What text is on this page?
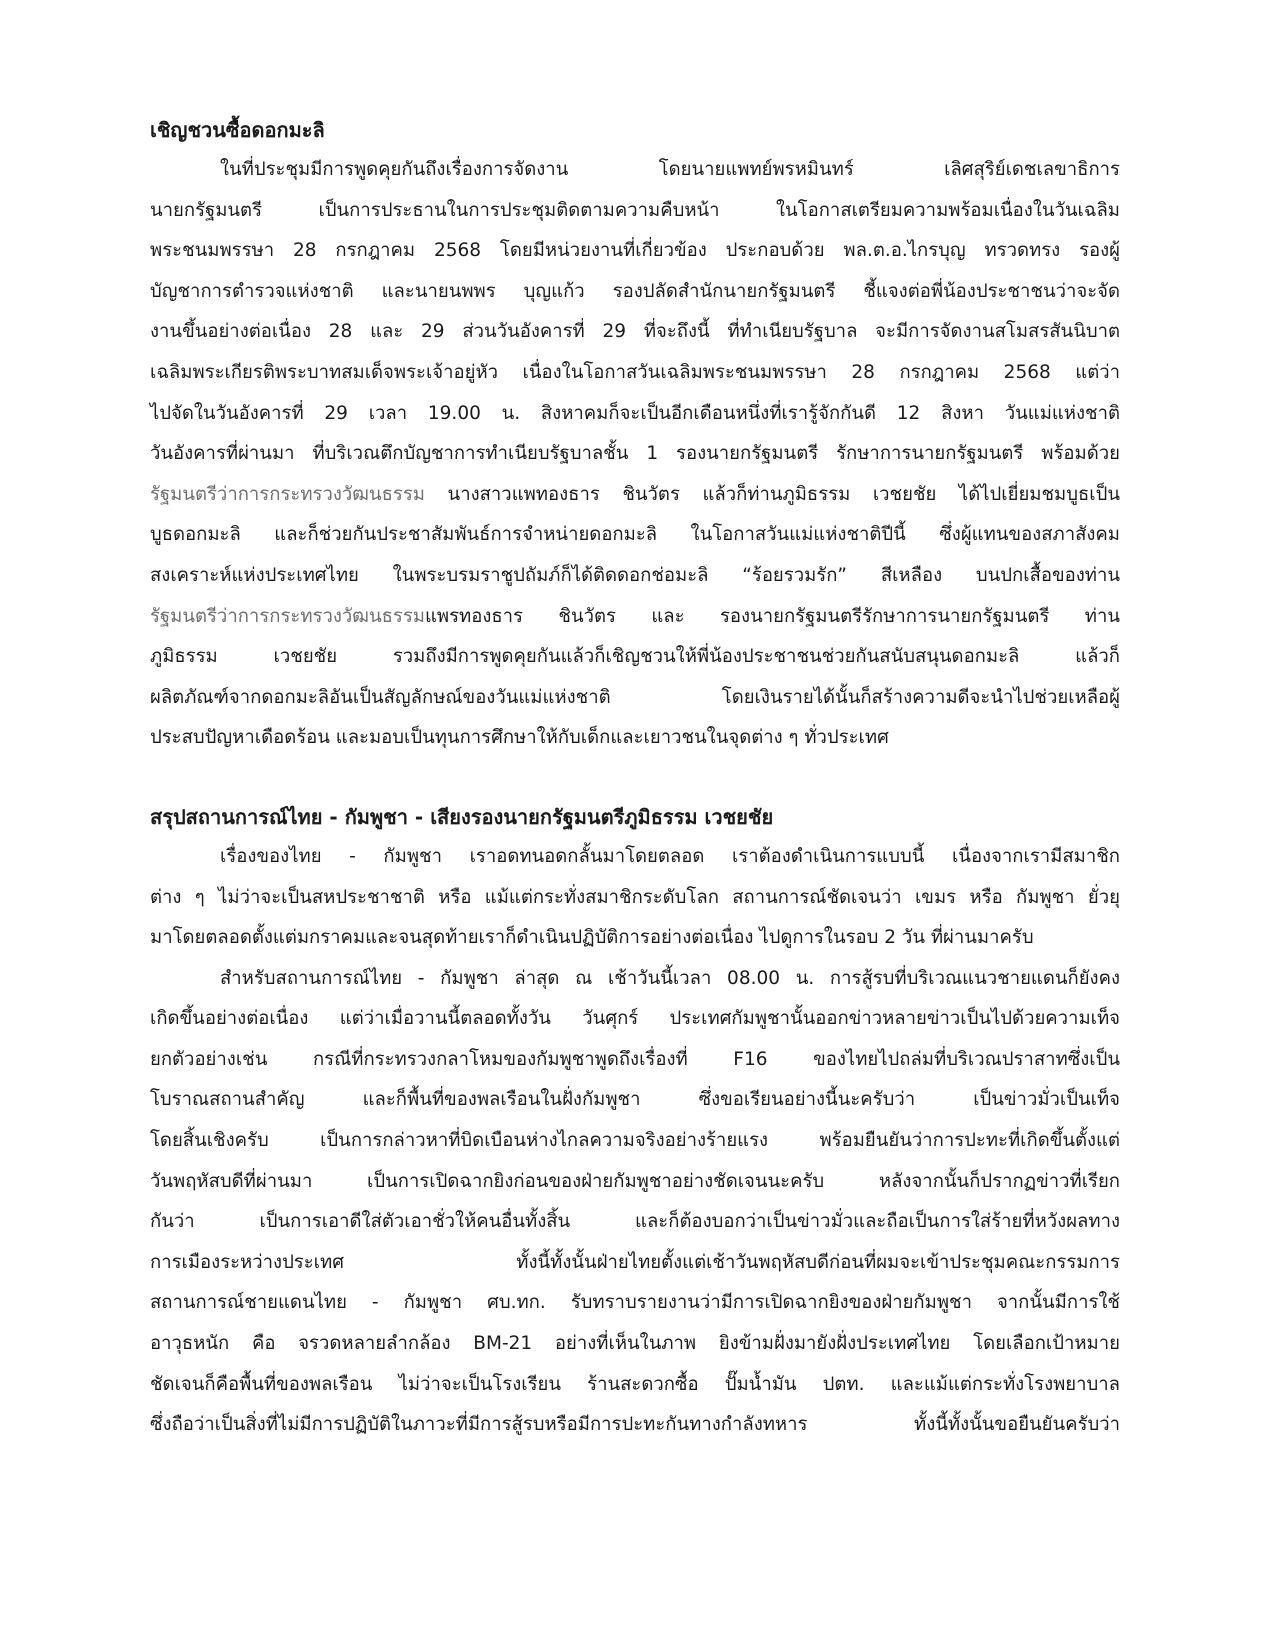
เชิญชวนซื้อดอกมะลิ
ในที่ประชุมมีการพูดคุยกันถึงเรื่องการจัดงาน โดยนายแพทย์พรหมินทร์ เลิศสุริย์เดชเลขาธิการ
นายกรัฐมนตรี เป็นการประธานในการประชุมติดตามความคืบหน้า ในโอกาสเตรียมความพร้อมเนื่องในวันเฉลิม
พระชนมพรรษา 28 กรกฎาคม 2568 โดยมีหน่วยงานที่เกี่ยวข้อง ประกอบด้วย พล.ต.อ.ไกรบุญ ทรวดทรง รองผู้
บัญชาการตำรวจแห่งชาติ และนายนพพร บุญแก้ว รองปลัดสำนักนายกรัฐมนตรี ชี้แจงต่อพี่น้องประชาชนว่าจะจัด
งานขึ้นอย่างต่อเนื่อง 28 และ 29 ส่วนวันอังคารที่ 29 ที่จะถึงนี้ ที่ทำเนียบรัฐบาล จะมีการจัดงานสโมสรสันนิบาต
เฉลิมพระเกียรติพระบาทสมเด็จพระเจ้าอยู่หัว เนื่องในโอกาสวันเฉลิมพระชนมพรรษา 28 กรกฎาคม 2568 แต่ว่า
ไปจัดในวันอังคารที่ 29 เวลา 19.00 น. สิงหาคมก็จะเป็นอีกเดือนหนึ่งที่เรารู้จักกันดี 12 สิงหา วันแม่แห่งชาติ
วันอังคารที่ผ่านมา ที่บริเวณตึกบัญชาการทำเนียบรัฐบาลชั้น 1 รองนายกรัฐมนตรี รักษาการนายกรัฐมนตรี พร้อมด้วย
รัฐมนตรีว่าการกระทรวงวัฒนธรรม นางสาวแพทองธาร ชินวัตร แล้วก็ท่านภูมิธรรม เวชยชัย ได้ไปเยี่ยมชมบูธเป็น
บูธดอกมะลิ และก็ช่วยกันประชาสัมพันธ์การจำหน่ายดอกมะลิ ในโอกาสวันแม่แห่งชาติปีนี้ ซึ่งผู้แทนของสภาสังคม
สงเคราะห์แห่งประเทศไทย ในพระบรมราชูปถัมภ์ก็ได้ติดดอกช่อมะลิ “ร้อยรวมรัก” สีเหลือง บนปกเสื้อของท่าน
รัฐมนตรีว่าการกระทรวงวัฒนธรรมแพรทองธาร ชินวัตร และ รองนายกรัฐมนตรีรักษาการนายกรัฐมนตรี ท่าน
ภูมิธรรม เวชยชัย รวมถึงมีการพูดคุยกันแล้วก็เชิญชวนให้พี่น้องประชาชนช่วยกันสนับสนุนดอกมะลิ แล้วก็
ผลิตภัณฑ์จากดอกมะลิอันเป็นสัญลักษณ์ของวันแม่แห่งชาติ โดยเงินรายได้นั้นก็สร้างความดีจะนำไปช่วยเหลือผู้
ประสบปัญหาเดือดร้อน และมอบเป็นทุนการศึกษาให้กับเด็กและเยาวชนในจุดต่าง ๆ ทั่วประเทศ
สรุปสถานการณ์ไทย - กัมพูชา - เสียงรองนายกรัฐมนตรีภูมิธรรม เวชยชัย
เรื่องของไทย - กัมพูชา เราอดทนอดกลั้นมาโดยตลอด เราต้องดำเนินการแบบนี้ เนื่องจากเรามีสมาชิก
ต่าง ๆ ไม่ว่าจะเป็นสหประชาชาติ หรือ แม้แต่กระทั่งสมาชิกระดับโลก สถานการณ์ชัดเจนว่า เขมร หรือ กัมพูชา ยั่วยุ
มาโดยตลอดตั้งแต่มกราคมและจนสุดท้ายเราก็ดำเนินปฏิบัติการอย่างต่อเนื่อง ไปดูการในรอบ 2 วัน ที่ผ่านมาครับ
สำหรับสถานการณ์ไทย - กัมพูชา ล่าสุด ณ เช้าวันนี้เวลา 08.00 น. การสู้รบที่บริเวณแนวชายแดนก็ยังคง
เกิดขึ้นอย่างต่อเนื่อง แต่ว่าเมื่อวานนี้ตลอดทั้งวัน วันศุกร์ ประเทศกัมพูชานั้นออกข่าวหลายข่าวเป็นไปด้วยความเท็จ
ยกตัวอย่างเช่น กรณีที่กระทรวงกลาโหมของกัมพูชาพูดถึงเรื่องที่ F16 ของไทยไปถล่มที่บริเวณปราสาทซึ่งเป็น
โบราณสถานสำคัญ และก็พื้นที่ของพลเรือนในฝั่งกัมพูชา ซึ่งขอเรียนอย่างนี้นะครับว่า เป็นข่าวมั่วเป็นเท็จ
โดยสิ้นเชิงครับ เป็นการกล่าวหาที่บิดเบือนห่างไกลความจริงอย่างร้ายแรง พร้อมยืนยันว่าการปะทะที่เกิดขึ้นตั้งแต่
วันพฤหัสบดีที่ผ่านมา เป็นการเปิดฉากยิงก่อนของฝ่ายกัมพูชาอย่างชัดเจนนะครับ หลังจากนั้นก็ปรากฏข่าวที่เรียก
กันว่า เป็นการเอาดีใส่ตัวเอาชั่วให้คนอื่นทั้งสิ้น และก็ต้องบอกว่าเป็นข่าวมั่วและถือเป็นการใส่ร้ายที่หวังผลทาง
การเมืองระหว่างประเทศ ทั้งนี้ทั้งนั้นฝ่ายไทยตั้งแต่เช้าวันพฤหัสบดีก่อนที่ผมจะเข้าประชุมคณะกรรมการ
สถานการณ์ชายแดนไทย - กัมพูชา ศบ.ทก. รับทราบรายงานว่ามีการเปิดฉากยิงของฝ่ายกัมพูชา จากนั้นมีการใช้
อาวุธหนัก คือ จรวดหลายลำกล้อง BM-21 อย่างที่เห็นในภาพ ยิงข้ามฝั่งมายังฝั่งประเทศไทย โดยเลือกเป้าหมาย
ชัดเจนก็คือพื้นที่ของพลเรือน ไม่ว่าจะเป็นโรงเรียน ร้านสะดวกซื้อ ปั๊มน้ำมัน ปตท. และแม้แต่กระทั่งโรงพยาบาล
ซึ่งถือว่าเป็นสิ่งที่ไม่มีการปฏิบัติในภาวะที่มีการสู้รบหรือมีการปะทะกันทางกำลังทหาร ทั้งนี้ทั้งนั้นขอยืนยันครับว่า
